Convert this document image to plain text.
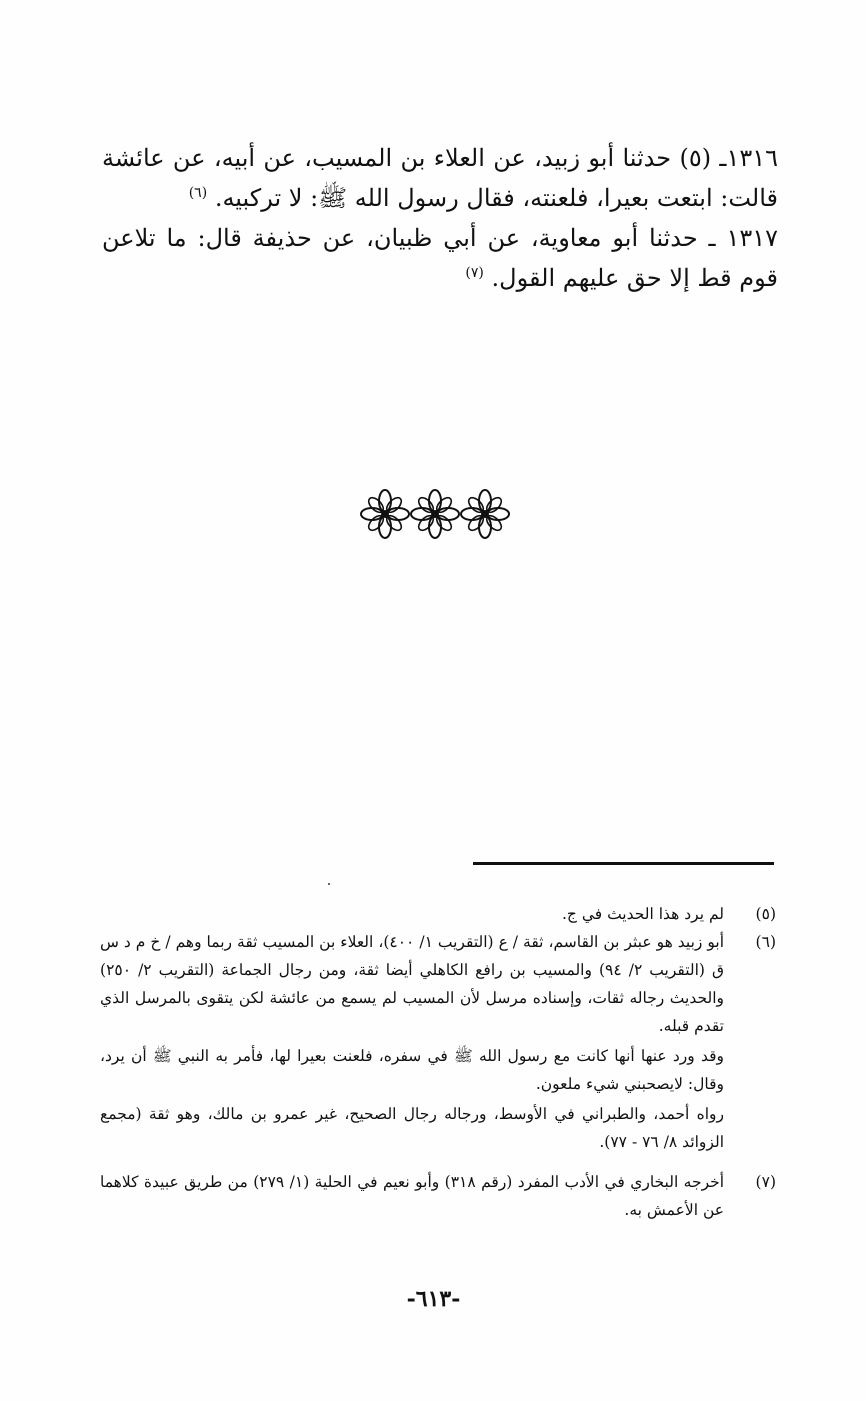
١٣١٦ـ (٥) حدثنا أبو زبيد، عن العلاء بن المسيب، عن أبيه، عن عائشة قالت: ابتعت بعيرا، فلعنته، فقال رسول الله ﷺ: لا تركبيه. $^{(٦)}$

١٣١٧ ـ حدثنا أبو معاوية، عن أبي ظبيان، عن حذيفة قال: ما تلاعن قوم قط إلا حق عليهم القول. $^{(٧)}$

(٥)
لم يرد هذا الحديث في ج.
(٦)
أبو زبيد هو عبثر بن القاسم، ثقة / ع (التقريب ١/ ٤٠٠)، العلاء بن المسيب ثقة ربما وهم / خ م د س ق (التقريب ٢/ ٩٤) والمسيب بن رافع الكاهلي أيضا ثقة، ومن رجال الجماعة (التقريب ٢/ ٢٥٠) والحديث رجاله ثقات، وإسناده مرسل لأن المسيب لم يسمع من عائشة لكن يتقوى بالمرسل الذي تقدم قبله.
وقد ورد عنها أنها كانت مع رسول الله ﷺ في سفره، فلعنت بعيرا لها، فأمر به النبي ﷺ أن يرد، وقال: لايصحبني شيء ملعون.
رواه أحمد، والطبراني في الأوسط، ورجاله رجال الصحيح، غير عمرو بن مالك، وهو ثقة (مجمع الزوائد ٨/ ٧٦ - ٧٧).
(٧)
أخرجه البخاري في الأدب المفرد (رقم ٣١٨) وأبو نعيم في الحلية (١/ ٢٧٩) من طريق عبيدة كلاهما عن الأعمش به.
-٦١٣-
